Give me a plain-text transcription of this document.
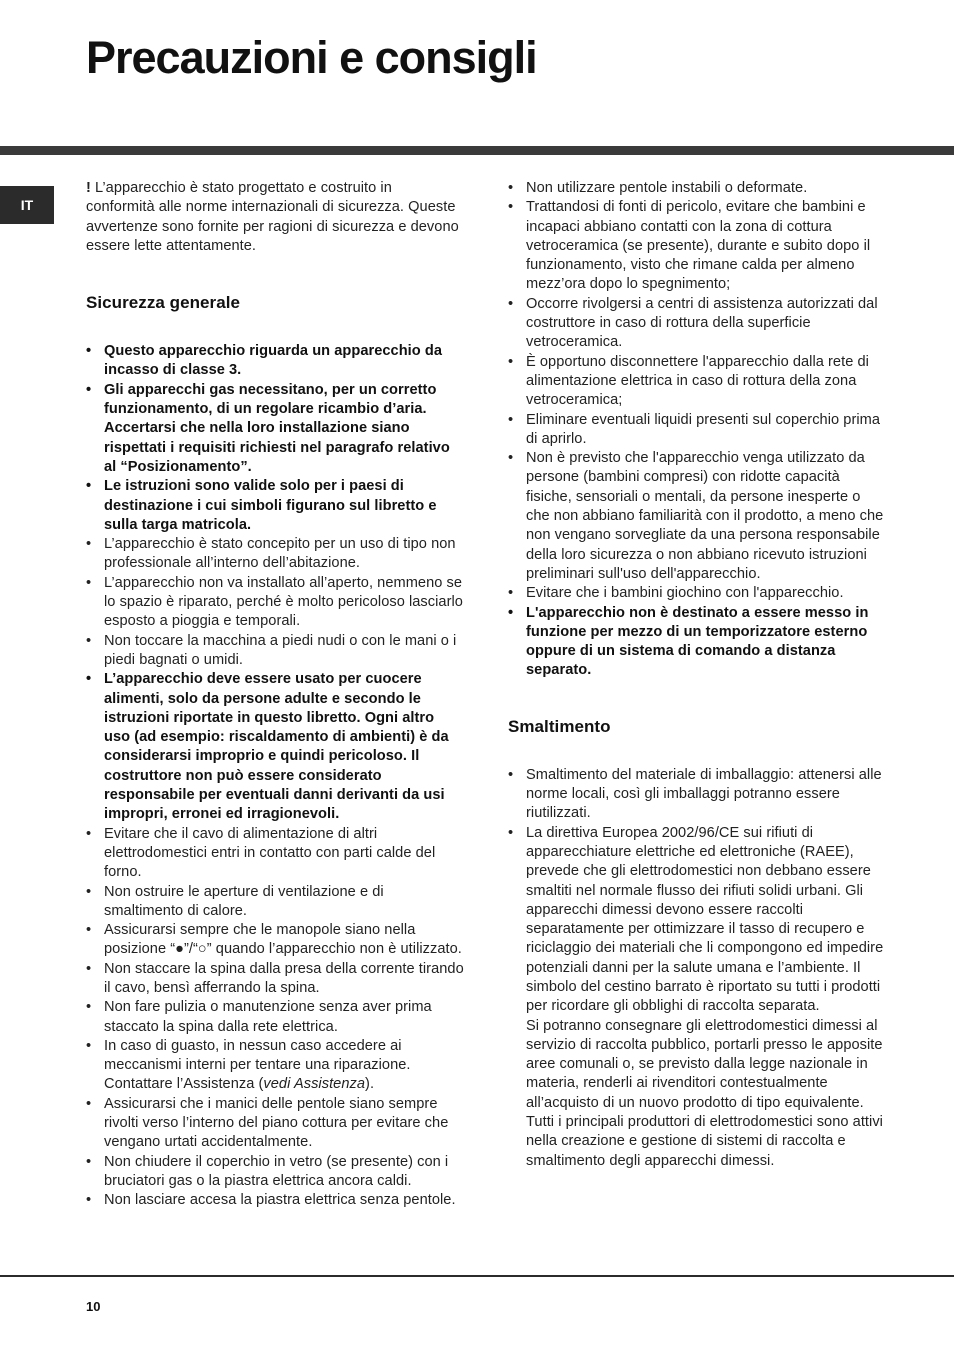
Precauzioni e consigli
IT

! L’apparecchio è stato progettato e costruito in conformità alle norme internazionali di sicurezza. Queste avvertenze sono fornite per ragioni di sicurezza e devono essere lette attentamente.

Sicurezza generale
• Questo apparecchio riguarda un apparecchio da incasso di classe 3.
• Gli apparecchi gas necessitano, per un corretto funzionamento, di un regolare ricambio d’aria. Accertarsi che nella loro installazione siano rispettati i requisiti richiesti nel paragrafo relativo al “Posizionamento”.
• Le istruzioni sono valide solo per i paesi di destinazione i cui simboli figurano sul libretto e sulla targa matricola.
• L’apparecchio è stato concepito per un uso di tipo non professionale all’interno dell’abitazione.
• L’apparecchio non va installato all’aperto, nemmeno se lo spazio è riparato, perché è molto pericoloso lasciarlo esposto a pioggia e temporali.
• Non toccare la macchina a piedi nudi o con le mani o i piedi bagnati o umidi.
• L’apparecchio deve essere usato per cuocere alimenti, solo da persone adulte e secondo le istruzioni riportate in questo libretto. Ogni altro uso (ad esempio: riscaldamento di ambienti) è da considerarsi improprio e quindi pericoloso. Il costruttore non può essere considerato responsabile per eventuali danni derivanti da usi impropri, erronei ed irragionevoli.
• Evitare che il cavo di alimentazione di altri elettrodomestici entri in contatto con parti calde del forno.
• Non ostruire le aperture di ventilazione e di smaltimento di calore.
• Assicurarsi sempre che le manopole siano nella posizione “●”/“○” quando l’apparecchio non è utilizzato.
• Non staccare la spina dalla presa della corrente tirando il cavo, bensì afferrando la spina.
• Non fare pulizia o manutenzione senza aver prima staccato la spina dalla rete elettrica.
• In caso di guasto, in nessun caso accedere ai meccanismi interni per tentare una riparazione. Contattare l’Assistenza (vedi Assistenza).
• Assicurarsi che i manici delle pentole siano sempre rivolti verso l’interno del piano cottura per evitare che vengano urtati accidentalmente.
• Non chiudere il coperchio in vetro (se presente) con i bruciatori gas o la piastra elettrica ancora caldi.
• Non lasciare accesa la piastra elettrica senza pentole.
• Non utilizzare pentole instabili o deformate.
• Trattandosi di fonti di pericolo, evitare che bambini e incapaci abbiano contatti con la zona di cottura vetroceramica (se presente), durante e subito dopo il funzionamento, visto che rimane calda per almeno mezz’ora dopo lo spegnimento;
• Occorre rivolgersi a centri di assistenza autorizzati dal costruttore in caso di rottura della superficie vetroceramica.
• È opportuno disconnettere l'apparecchio dalla rete di alimentazione elettrica in caso di rottura della zona vetroceramica;
• Eliminare eventuali liquidi presenti sul coperchio prima di aprirlo.
• Non è previsto che l'apparecchio venga utilizzato da persone (bambini compresi) con ridotte capacità fisiche, sensoriali o mentali, da persone inesperte o che non abbiano familiarità con il prodotto, a meno che non vengano sorvegliate da una persona responsabile della loro sicurezza o non abbiano ricevuto istruzioni preliminari sull'uso dell'apparecchio.
• Evitare che i bambini giochino con l'apparecchio.
• L'apparecchio non è destinato a essere messo in funzione per mezzo di un temporizzatore esterno oppure di un sistema di comando a distanza separato.
Smaltimento
• Smaltimento del materiale di imballaggio: attenersi alle norme locali, così gli imballaggi potranno essere riutilizzati.
• La direttiva Europea 2002/96/CE sui rifiuti di apparecchiature elettriche ed elettroniche (RAEE), prevede che gli elettrodomestici non debbano essere smaltiti nel normale flusso dei rifiuti solidi urbani. Gli apparecchi dimessi devono essere raccolti separatamente per ottimizzare il tasso di recupero e riciclaggio dei materiali che li compongono ed impedire potenziali danni per la salute umana e l’ambiente. Il simbolo del cestino barrato è riportato su tutti i prodotti per ricordare gli obblighi di raccolta separata.

Si potranno consegnare gli elettrodomestici dimessi al servizio di raccolta pubblico, portarli presso le apposite aree comunali o, se previsto dalla legge nazionale in materia, renderli ai rivenditori contestualmente all’acquisto di un nuovo prodotto di tipo equivalente.

Tutti i principali produttori di elettrodomestici sono attivi nella creazione e gestione di sistemi di raccolta e smaltimento degli apparecchi dimessi.

10
